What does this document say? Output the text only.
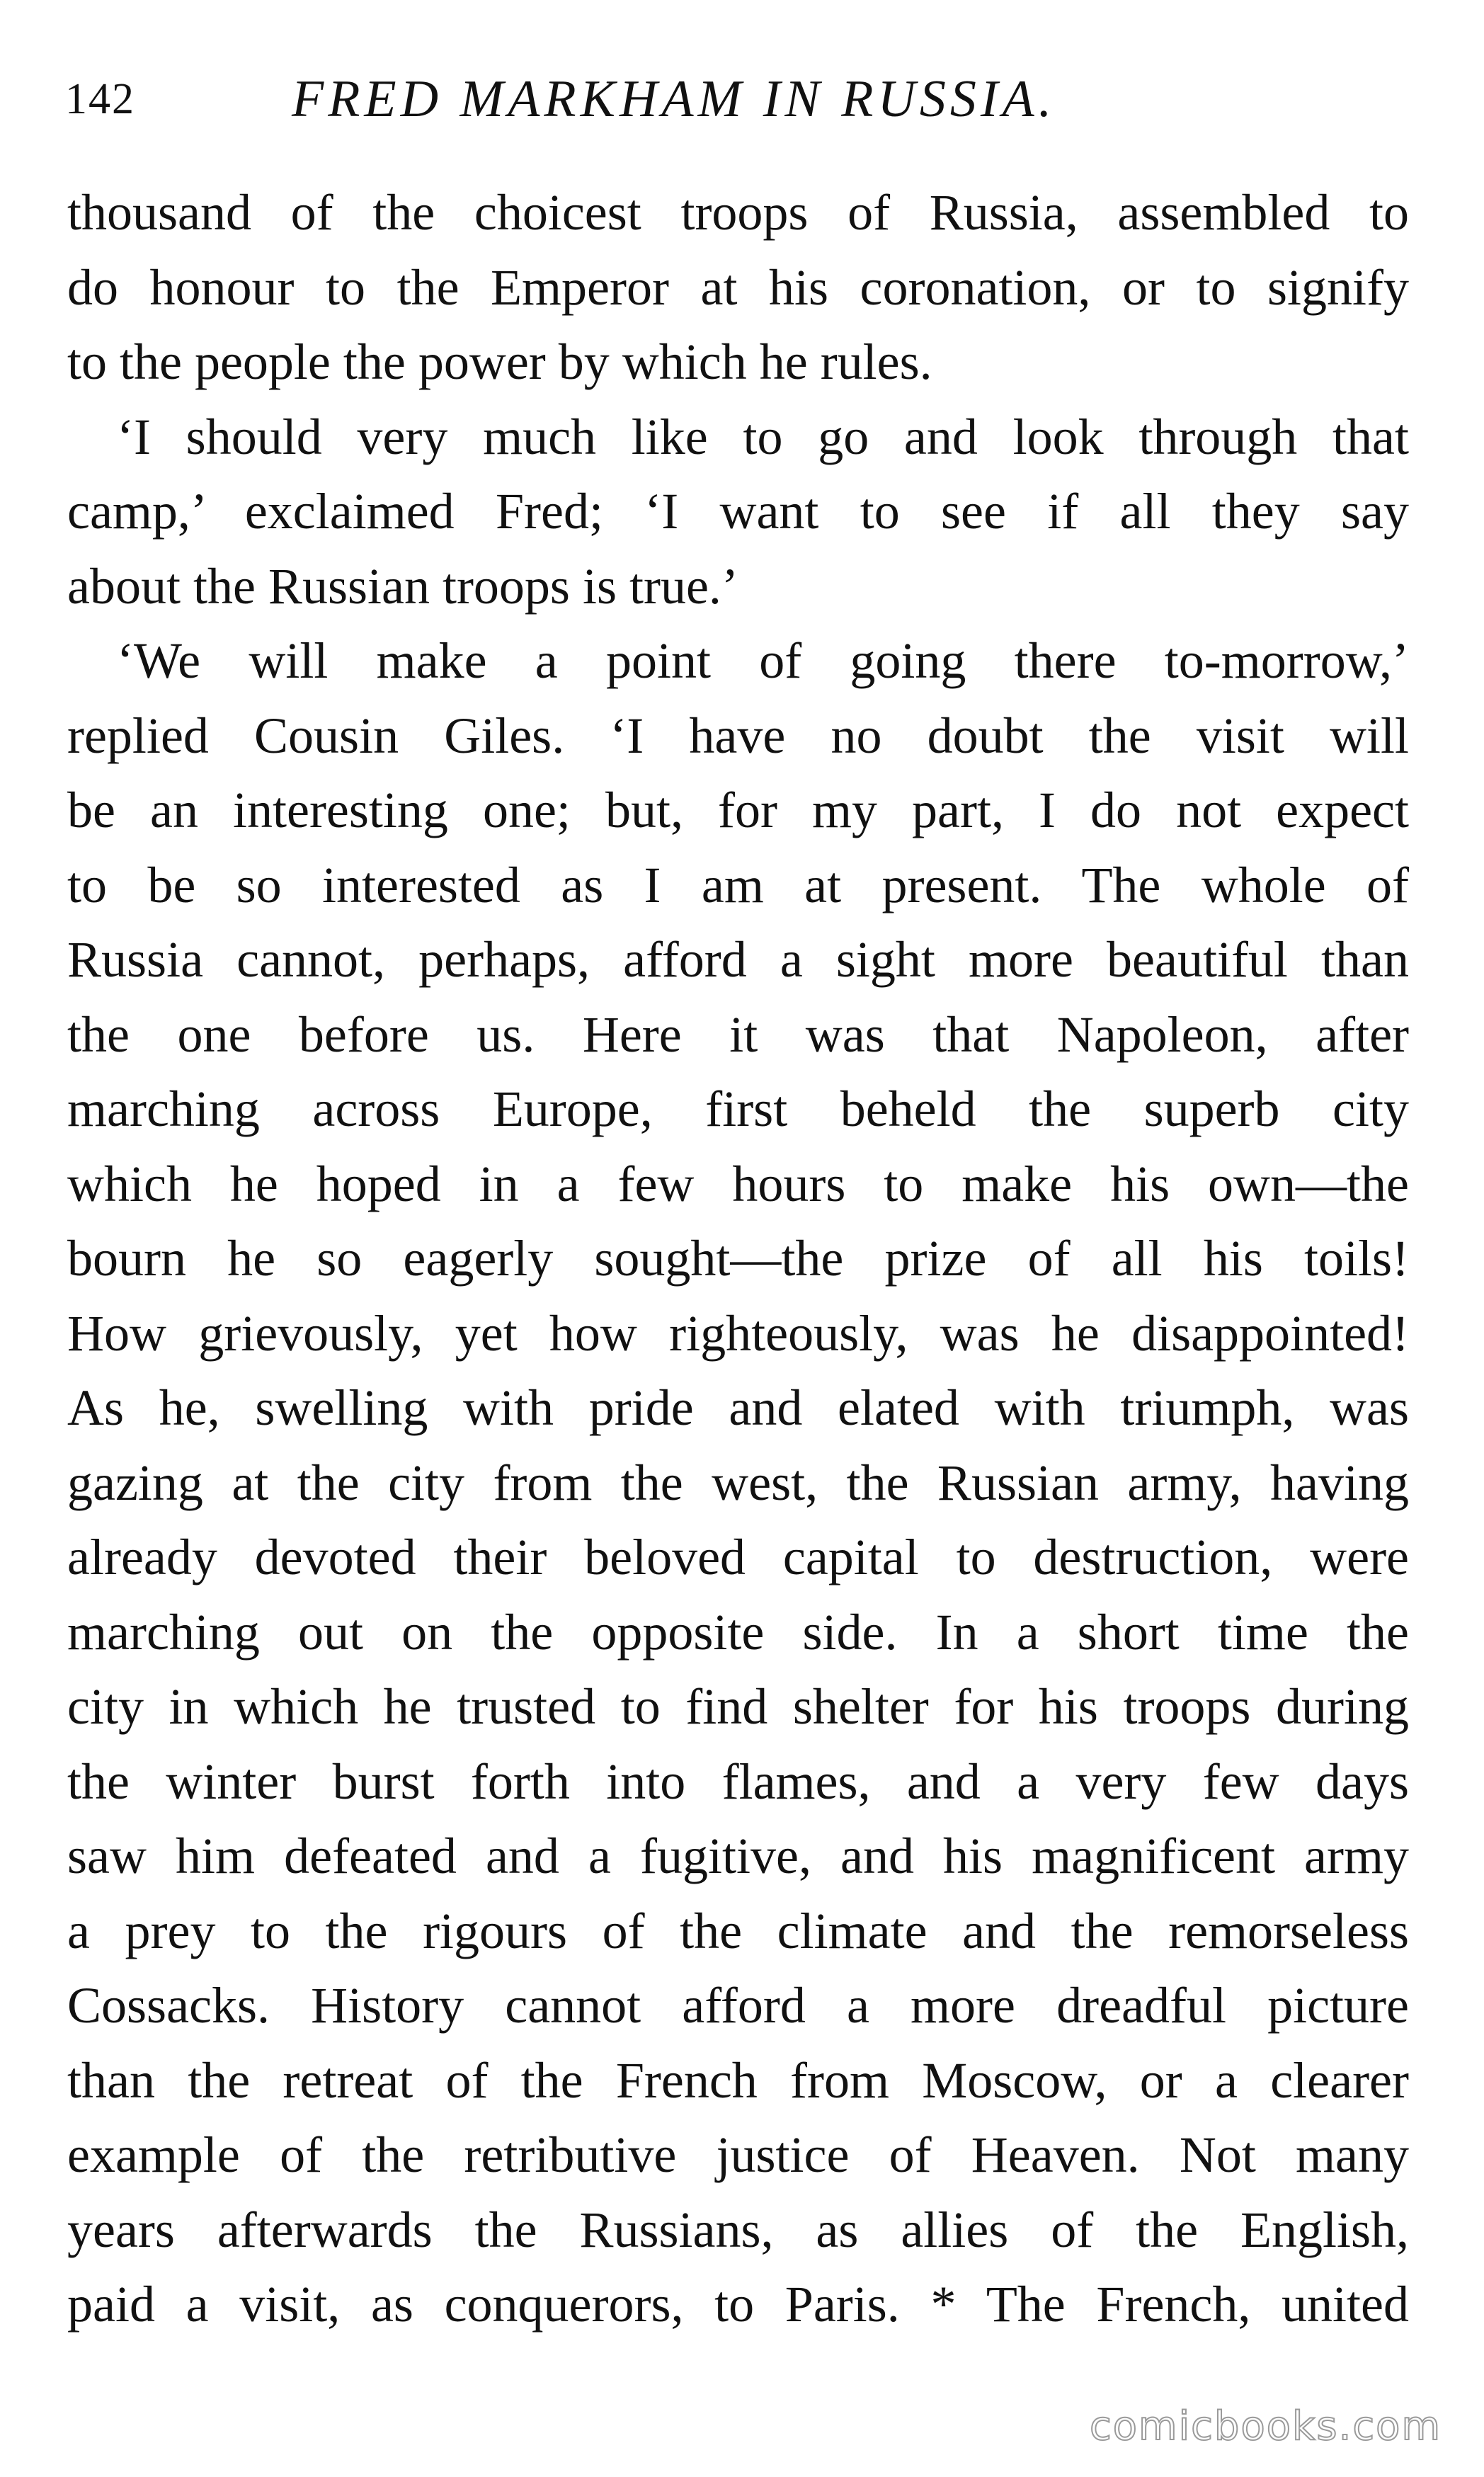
142	FRED MARKHAM IN RUSSIA.
thousand of the choicest troops of Russia, assembled to
do honour to the Emperor at his coronation, or to signify
to the people the power by which he rules.
‘I should very much like to go and look through that
camp,’ exclaimed Fred; ‘I want to see if all they say
about the Russian troops is true.’
‘We will make a point of going there to-morrow,’
replied Cousin Giles. ‘I have no doubt the visit will
be an interesting one; but, for my part, I do not expect
to be so interested as I am at present. The whole of
Russia cannot, perhaps, afford a sight more beautiful than
the one before us. Here it was that Napoleon, after
marching across Europe, first beheld the superb city
which he hoped in a few hours to make his own—the
bourn he so eagerly sought—the prize of all his toils!
How grievously, yet how righteously, was he disappointed!
As he, swelling with pride and elated with triumph, was
gazing at the city from the west, the Russian army, having
already devoted their beloved capital to destruction, were
marching out on the opposite side. In a short time the
city in which he trusted to find shelter for his troops during
the winter burst forth into flames, and a very few days
saw him defeated and a fugitive, and his magnificent army
a prey to the rigours of the climate and the remorseless
Cossacks. History cannot afford a more dreadful picture
than the retreat of the French from Moscow, or a clearer
example of the retributive justice of Heaven. Not many
years afterwards the Russians, as allies of the English,
paid a visit, as conquerors, to Paris. * The French, united
comicbooks.com
